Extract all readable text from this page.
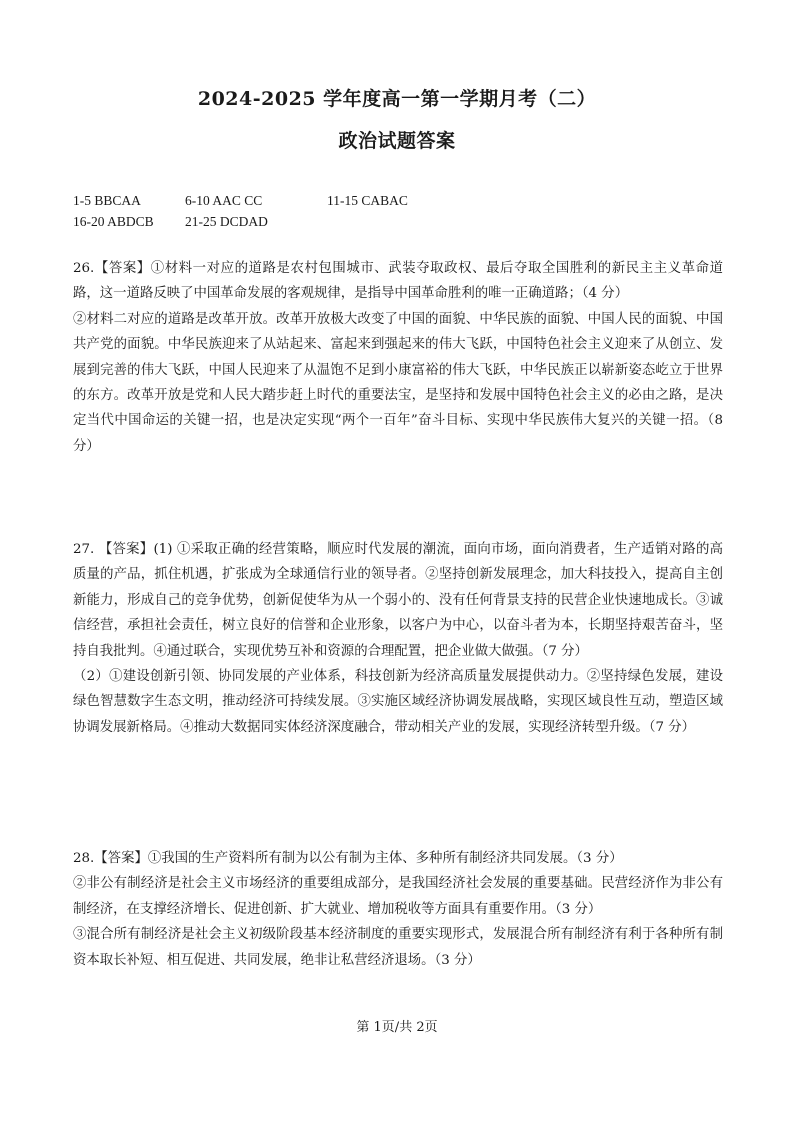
2024-2025 学年度高一第一学期月考（二）
政治试题答案
1-5 BBCAA	6-10 AAC CC	11-15 CABAC
16-20 ABDCB	21-25 DCDAD

26.【答案】①材料一对应的道路是农村包围城市、武装夺取政权、最后夺取全国胜利的新民主主义革命道路，这一道路反映了中国革命发展的客观规律，是指导中国革命胜利的唯一正确道路；（4 分）

②材料二对应的道路是改革开放。改革开放极大改变了中国的面貌、中华民族的面貌、中国人民的面貌、中国共产党的面貌。中华民族迎来了从站起来、富起来到强起来的伟大飞跃，中国特色社会主义迎来了从创立、发展到完善的伟大飞跃，中国人民迎来了从温饱不足到小康富裕的伟大飞跃，中华民族正以崭新姿态屹立于世界的东方。改革开放是党和人民大踏步赶上时代的重要法宝，是坚持和发展中国特色社会主义的必由之路，是决定当代中国命运的关键一招，也是决定实现“两个一百年”奋斗目标、实现中华民族伟大复兴的关键一招。（8 分）

27. 【答案】(1) ①采取正确的经营策略，顺应时代发展的潮流，面向市场，面向消费者，生产适销对路的高质量的产品，抓住机遇，扩张成为全球通信行业的领导者。②坚持创新发展理念，加大科技投入，提高自主创新能力，形成自己的竞争优势，创新促使华为从一个弱小的、没有任何背景支持的民营企业快速地成长。③诚信经营，承担社会责任，树立良好的信誉和企业形象，以客户为中心，以奋斗者为本，长期坚持艰苦奋斗，坚持自我批判。④通过联合，实现优势互补和资源的合理配置，把企业做大做强。（7 分）

（2）①建设创新引领、协同发展的产业体系，科技创新为经济高质量发展提供动力。②坚持绿色发展，建设绿色智慧数字生态文明，推动经济可持续发展。③实施区域经济协调发展战略，实现区域良性互动，塑造区域协调发展新格局。④推动大数据同实体经济深度融合，带动相关产业的发展，实现经济转型升级。（7 分）

28.【答案】①我国的生产资料所有制为以公有制为主体、多种所有制经济共同发展。（3 分）

②非公有制经济是社会主义市场经济的重要组成部分，是我国经济社会发展的重要基础。民营经济作为非公有制经济，在支撑经济增长、促进创新、扩大就业、增加税收等方面具有重要作用。（3 分）

③混合所有制经济是社会主义初级阶段基本经济制度的重要实现形式，发展混合所有制经济有利于各种所有制资本取长补短、相互促进、共同发展，绝非让私营经济退场。（3 分）

第 1页/共 2页
